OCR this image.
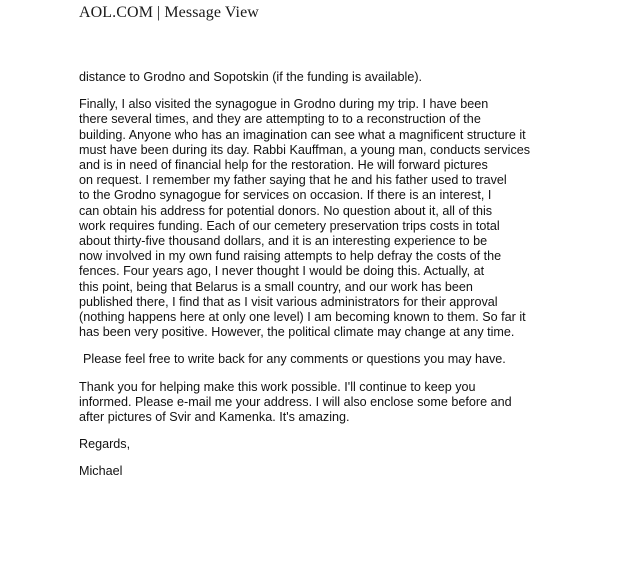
AOL.COM | Message View
distance to Grodno and Sopotskin (if the funding is available).
Finally, I also visited the synagogue in Grodno during my trip. I have been
there several times, and they are attempting to to a reconstruction of the
building. Anyone who has an imagination can see what a magnificent structure it
must have been during its day. Rabbi Kauffman, a young man, conducts services
and is in need of financial help for the restoration. He will forward pictures
on request. I remember my father saying that he and his father used to travel
to the Grodno synagogue for services on occasion. If there is an interest, I
can obtain his address for potential donors. No question about it, all of this
work requires funding. Each of our cemetery preservation trips costs in total
about thirty-five thousand dollars, and it is an interesting experience to be
now involved in my own fund raising attempts to help defray the costs of the
fences. Four years ago, I never thought I would be doing this. Actually, at
this point, being that Belarus is a small country, and our work has been
published there, I find that as I visit various administrators for their approval
(nothing happens here at only one level) I am becoming known to them. So far it
has been very positive. However, the political climate may change at any time.
Please feel free to write back for any comments or questions you may have.
Thank you for helping make this work possible. I'll continue to keep you
informed. Please e-mail me your address. I will also enclose some before and
after pictures of Svir and Kamenka. It's amazing.
Regards,
Michael
